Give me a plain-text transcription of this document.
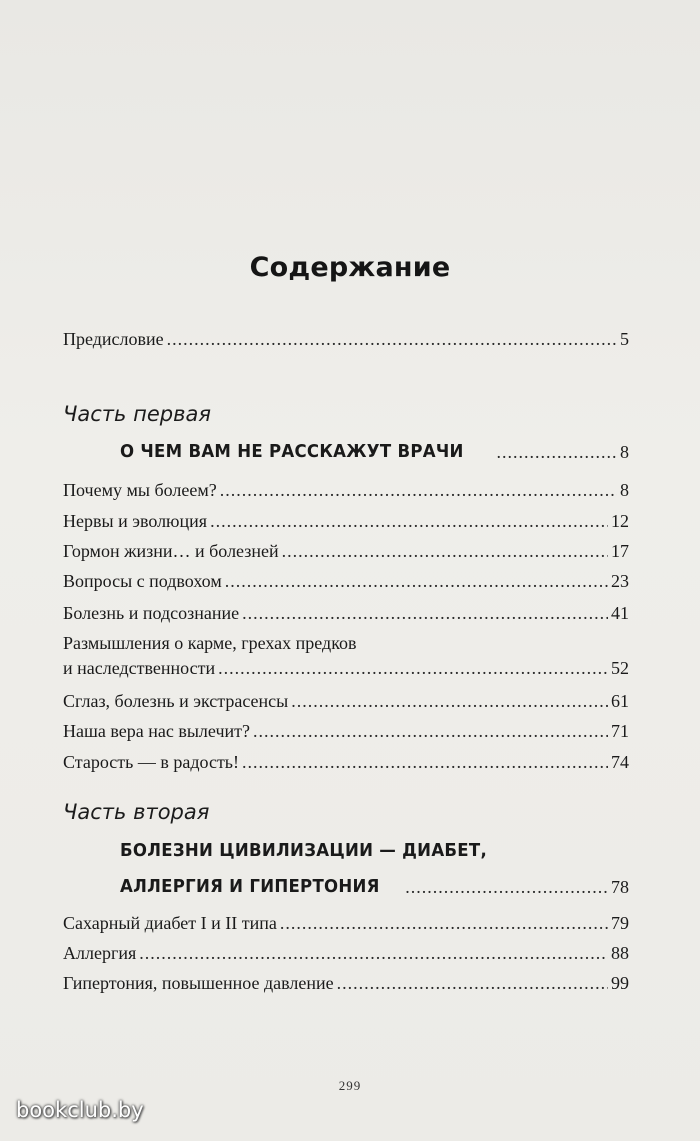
Содержание
Предисловие .....	5
Часть первая
О ЧЕМ ВАМ НЕ РАССКАЖУТ ВРАЧИ .....	8
Почему мы болеем? .....	8
Нервы и эволюция .....	12
Гормон жизни… и болезней .....	17
Вопросы с подвохом .....	23
Болезнь и подсознание .....	41
Размышления о карме, грехах предков
и наследственности .....	52
Сглаз, болезнь и экстрасенсы .....	61
Наша вера нас вылечит? .....	71
Старость — в радость! .....	74
Часть вторая
БОЛЕЗНИ ЦИВИЛИЗАЦИИ — ДИАБЕТ,
АЛЛЕРГИЯ И ГИПЕРТОНИЯ .....	78
Сахарный диабет I и II типа .....	79
Аллергия .....	88
Гипертония, повышенное давление .....	99
299
bookclub.by
